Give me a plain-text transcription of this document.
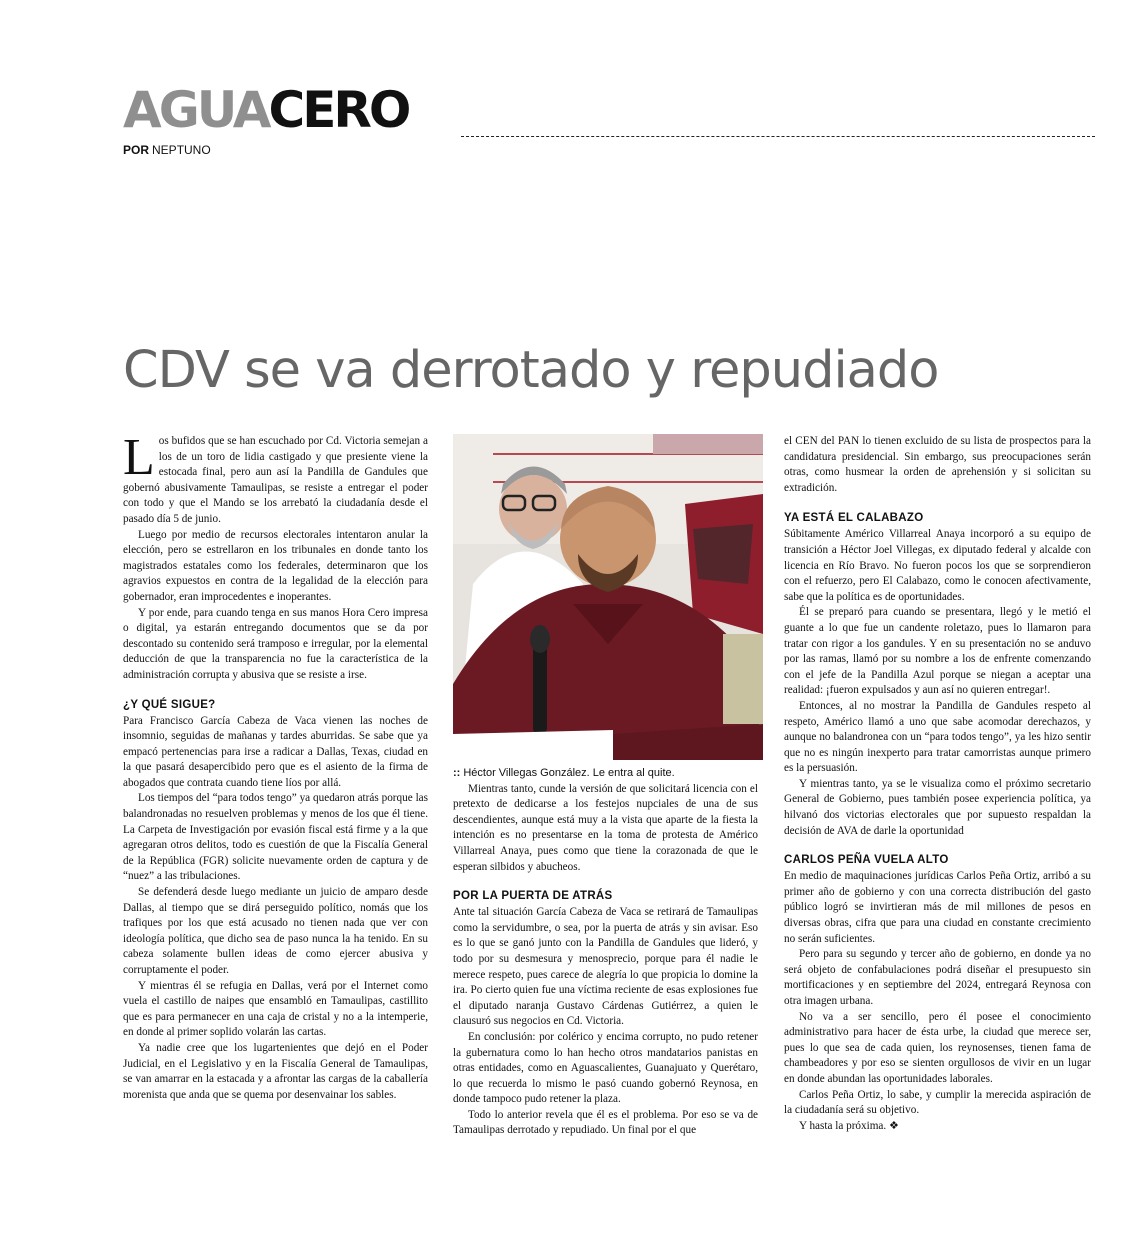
AGUACERO
POR NEPTUNO
CDV se va derrotado y repudiado

Los bufidos que se han escuchado por Cd. Victoria semejan a los de un toro de lidia castigado y que presiente viene la estocada final, pero aun así la Pandilla de Gandules que gobernó abusivamente Tamaulipas, se resiste a entregar el poder con todo y que el Mando se los arrebató la ciudadanía desde el pasado día 5 de junio.

Luego por medio de recursos electorales intentaron anular la elección, pero se estrellaron en los tribunales en donde tanto los magistrados estatales como los federales, determinaron que los agravios expuestos en contra de la legalidad de la elección para gobernador, eran improcedentes e inoperantes.

Y por ende, para cuando tenga en sus manos Hora Cero impresa o digital, ya estarán entregando documentos que se da por descontado su contenido será tramposo e irregular, por la elemental deducción de que la transparencia no fue la característica de la administración corrupta y abusiva que se resiste a irse.

¿Y QUÉ SIGUE?

Para Francisco García Cabeza de Vaca vienen las noches de insomnio, seguidas de mañanas y tardes aburridas. Se sabe que ya empacó pertenencias para irse a radicar a Dallas, Texas, ciudad en la que pasará desapercibido pero que es el asiento de la firma de abogados que contrata cuando tiene líos por allá.

Los tiempos del “para todos tengo” ya quedaron atrás porque las balandronadas no resuelven problemas y menos de los que él tiene. La Carpeta de Investigación por evasión fiscal está firme y a la que agregaran otros delitos, todo es cuestión de que la Fiscalía General de la República (FGR) solicite nuevamente orden de captura y de “nuez” a las tribulaciones.

Se defenderá desde luego mediante un juicio de amparo desde Dallas, al tiempo que se dirá perseguido político, nomás que los trafiques por los que está acusado no tienen nada que ver con ideología política, que dicho sea de paso nunca la ha tenido. En su cabeza solamente bullen ideas de como ejercer abusiva y corruptamente el poder.

Y mientras él se refugia en Dallas, verá por el Internet como vuela el castillo de naipes que ensambló en Tamaulipas, castillito que es para permanecer en una caja de cristal y no a la intemperie, en donde al primer soplido volarán las cartas.

Ya nadie cree que los lugartenientes que dejó en el Poder Judicial, en el Legislativo y en la Fiscalía General de Tamaulipas, se van amarrar en la estacada y a afrontar las cargas de la caballería morenista que anda que se quema por desenvainar los sables.

:: Héctor Villegas González. Le entra al quite.

Mientras tanto, cunde la versión de que solicitará licencia con el pretexto de dedicarse a los festejos nupciales de una de sus descendientes, aunque está muy a la vista que aparte de la fiesta la intención es no presentarse en la toma de protesta de Américo Villarreal Anaya, pues como que tiene la corazonada de que le esperan silbidos y abucheos.

POR LA PUERTA DE ATRÁS

Ante tal situación García Cabeza de Vaca se retirará de Tamaulipas como la servidumbre, o sea, por la puerta de atrás y sin avisar. Eso es lo que se ganó junto con la Pandilla de Gandules que lideró, y todo por su desmesura y menosprecio, porque para él nadie le merece respeto, pues carece de alegría lo que propicia lo domine la ira. Po cierto quien fue una víctima reciente de esas explosiones fue el diputado naranja Gustavo Cárdenas Gutiérrez, a quien le clausuró sus negocios en Cd. Victoria.

En conclusión: por colérico y encima corrupto, no pudo retener la gubernatura como lo han hecho otros mandatarios panistas en otras entidades, como en Aguascalientes, Guanajuato y Querétaro, lo que recuerda lo mismo le pasó cuando gobernó Reynosa, en donde tampoco pudo retener la plaza.

Todo lo anterior revela que él es el problema. Por eso se va de Tamaulipas derrotado y repudiado. Un final por el que

el CEN del PAN lo tienen excluido de su lista de prospectos para la candidatura presidencial. Sin embargo, sus preocupaciones serán otras, como husmear la orden de aprehensión y si solicitan su extradición.

YA ESTÁ EL CALABAZO

Súbitamente Américo Villarreal Anaya incorporó a su equipo de transición a Héctor Joel Villegas, ex diputado federal y alcalde con licencia en Río Bravo. No fueron pocos los que se sorprendieron con el refuerzo, pero El Calabazo, como le conocen afectivamente, sabe que la política es de oportunidades.

Él se preparó para cuando se presentara, llegó y le metió el guante a lo que fue un candente roletazo, pues lo llamaron para tratar con rigor a los gandules. Y en su presentación no se anduvo por las ramas, llamó por su nombre a los de enfrente comenzando con el jefe de la Pandilla Azul porque se niegan a aceptar una realidad: ¡fueron expulsados y aun así no quieren entregar!.

Entonces, al no mostrar la Pandilla de Gandules respeto al respeto, Américo llamó a uno que sabe acomodar derechazos, y aunque no balandronea con un “para todos tengo”, ya les hizo sentir que no es ningún inexperto para tratar camorristas aunque primero es la persuasión.

Y mientras tanto, ya se le visualiza como el próximo secretario General de Gobierno, pues también posee experiencia política, ya hilvanó dos victorias electorales que por supuesto respaldan la decisión de AVA de darle la oportunidad

CARLOS PEÑA VUELA ALTO

En medio de maquinaciones jurídicas Carlos Peña Ortiz, arribó a su primer año de gobierno y con una correcta distribución del gasto público logró se invirtieran más de mil millones de pesos en diversas obras, cifra que para una ciudad en constante crecimiento no serán suficientes.

Pero para su segundo y tercer año de gobierno, en donde ya no será objeto de confabulaciones podrá diseñar el presupuesto sin mortificaciones y en septiembre del 2024, entregará Reynosa con otra imagen urbana.

No va a ser sencillo, pero él posee el conocimiento administrativo para hacer de ésta urbe, la ciudad que merece ser, pues lo que sea de cada quien, los reynosenses, tienen fama de chambeadores y por eso se sienten orgullosos de vivir en un lugar en donde abundan las oportunidades laborales.

Carlos Peña Ortiz, lo sabe, y cumplir la merecida aspiración de la ciudadanía será su objetivo.

Y hasta la próxima. ❖
